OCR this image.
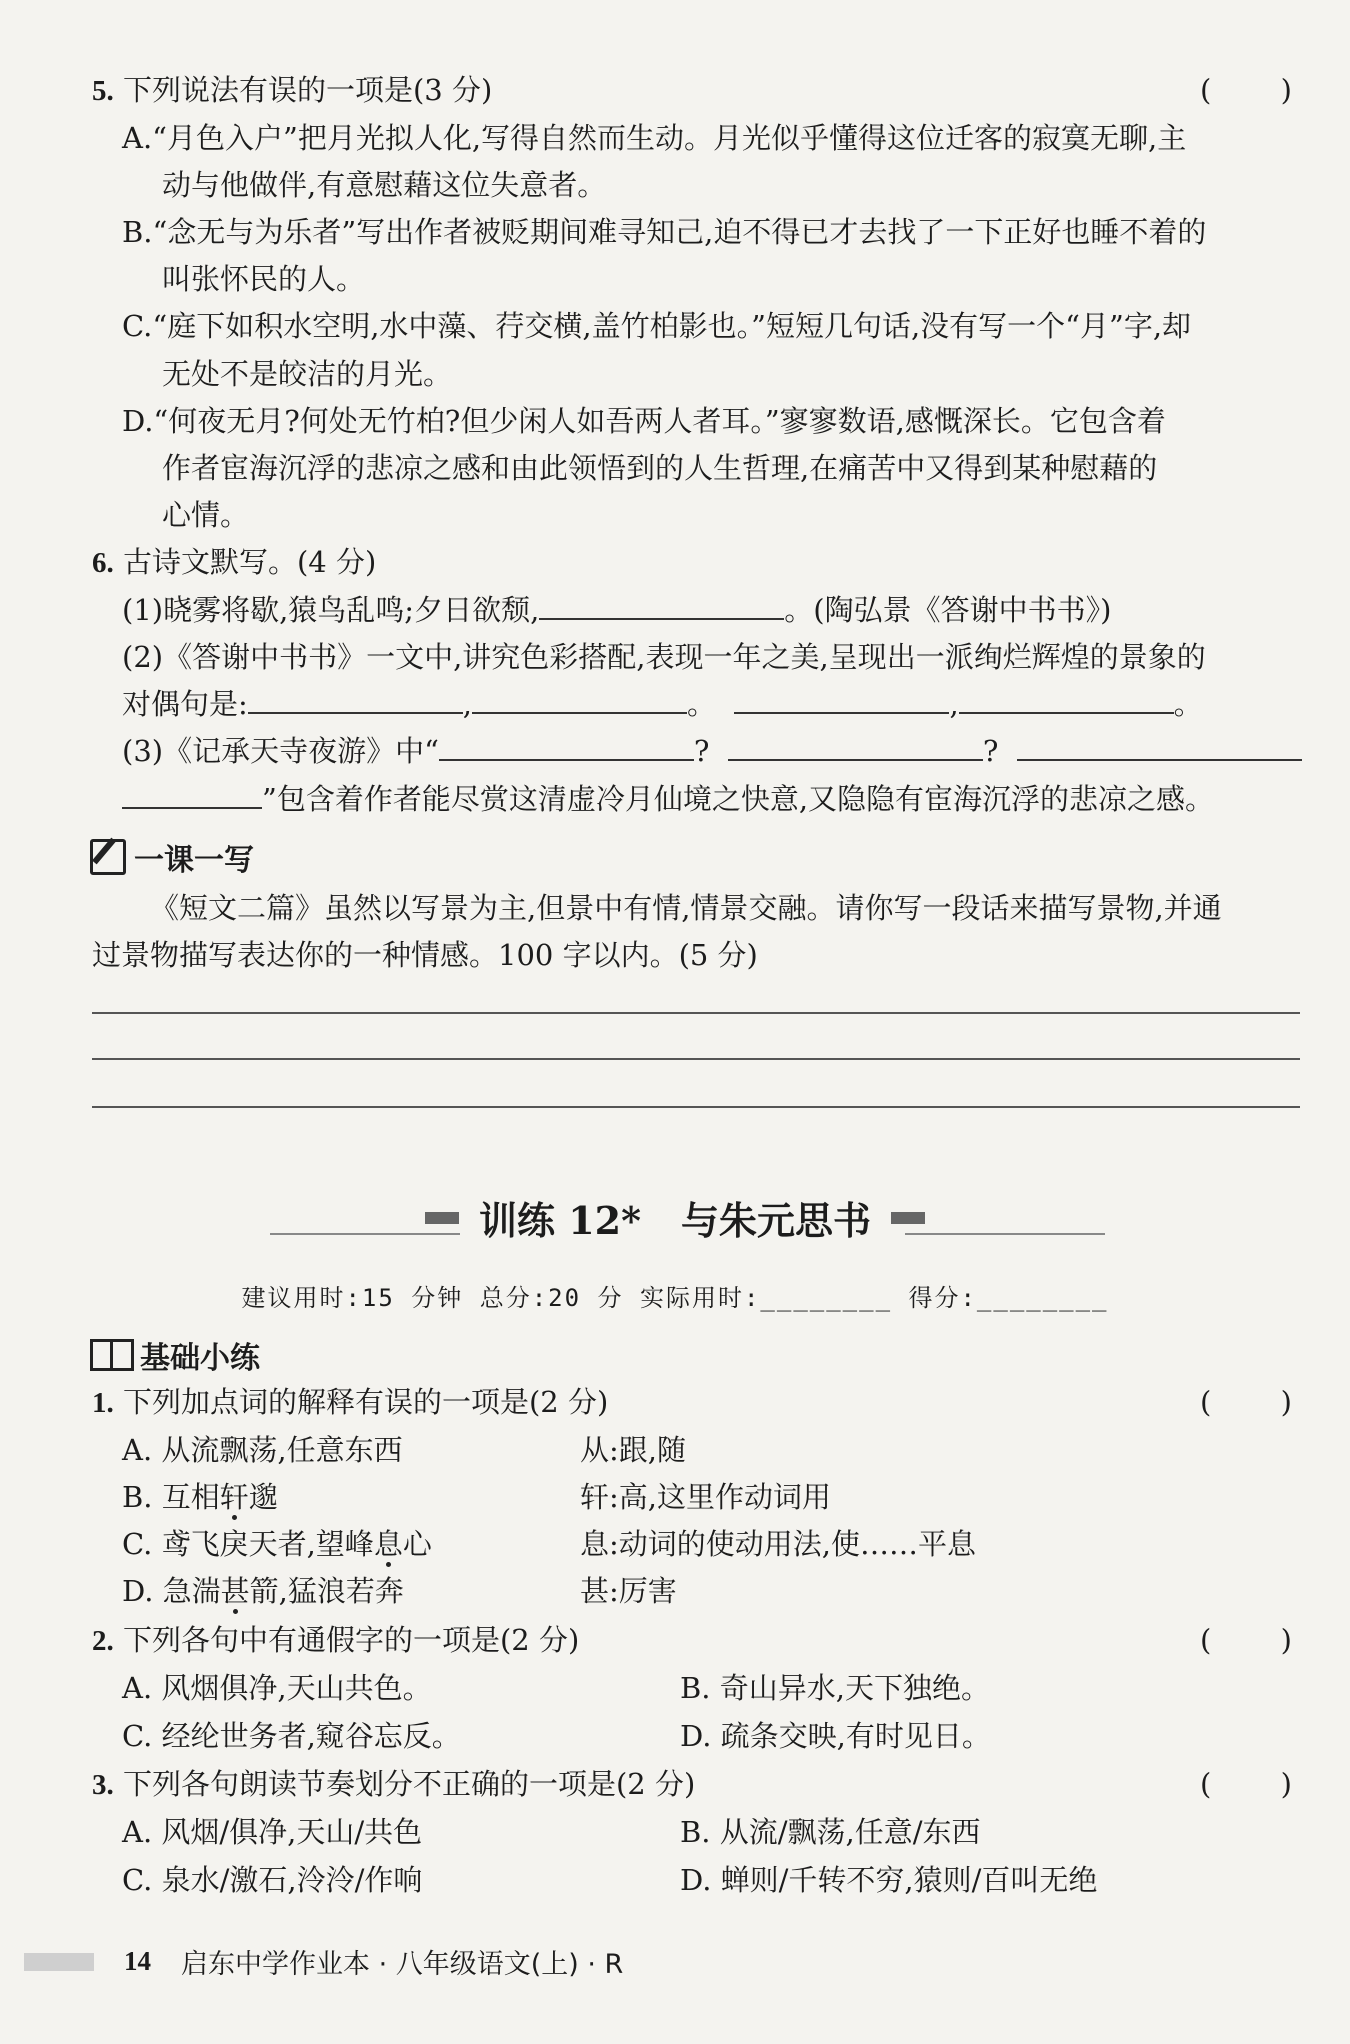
5. 下列说法有误的一项是(3 分)	( )
A.“月色入户”把月光拟人化,写得自然而生动。月光似乎懂得这位迁客的寂寞无聊,主
动与他做伴,有意慰藉这位失意者。
B.“念无与为乐者”写出作者被贬期间难寻知己,迫不得已才去找了一下正好也睡不着的
叫张怀民的人。
C.“庭下如积水空明,水中藻、荇交横,盖竹柏影也。”短短几句话,没有写一个“月”字,却
无处不是皎洁的月光。
D.“何夜无月?何处无竹柏?但少闲人如吾两人者耳。”寥寥数语,感慨深长。它包含着
作者宦海沉浮的悲凉之感和由此领悟到的人生哲理,在痛苦中又得到某种慰藉的
心情。
6. 古诗文默写。(4 分)
(1)晓雾将歇,猿鸟乱鸣;夕日欲颓,	。(陶弘景《答谢中书书》)
(2)《答谢中书书》一文中,讲究色彩搭配,表现一年之美,呈现出一派绚烂辉煌的景象的
对偶句是:	,	。	,	。
(3)《记承天寺夜游》中“	?	?
”包含着作者能尽赏这清虚冷月仙境之快意,又隐隐有宦海沉浮的悲凉之感。
一课一写
《短文二篇》虽然以写景为主,但景中有情,情景交融。请你写一段话来描写景物,并通
过景物描写表达你的一种情感。100 字以内。(5 分)
训练 12* 与朱元思书
建议用时:15 分钟 总分:20 分 实际用时:________ 得分:________
基础小练
1. 下列加点词的解释有误的一项是(2 分)	( )
A. 从流飘荡,任意东西	从:跟,随
B. 互相轩邈	轩:高,这里作动词用
C. 鸢飞戾天者,望峰息心	息:动词的使动用法,使……平息
D. 急湍甚箭,猛浪若奔	甚:厉害
2. 下列各句中有通假字的一项是(2 分)	( )
A. 风烟俱净,天山共色。	B. 奇山异水,天下独绝。
C. 经纶世务者,窥谷忘反。	D. 疏条交映,有时见日。
3. 下列各句朗读节奏划分不正确的一项是(2 分)	( )
A. 风烟/俱净,天山/共色	B. 从流/飘荡,任意/东西
C. 泉水/激石,泠泠/作响	D. 蝉则/千转不穷,猿则/百叫无绝
14 启东中学作业本 · 八年级语文(上) · R
